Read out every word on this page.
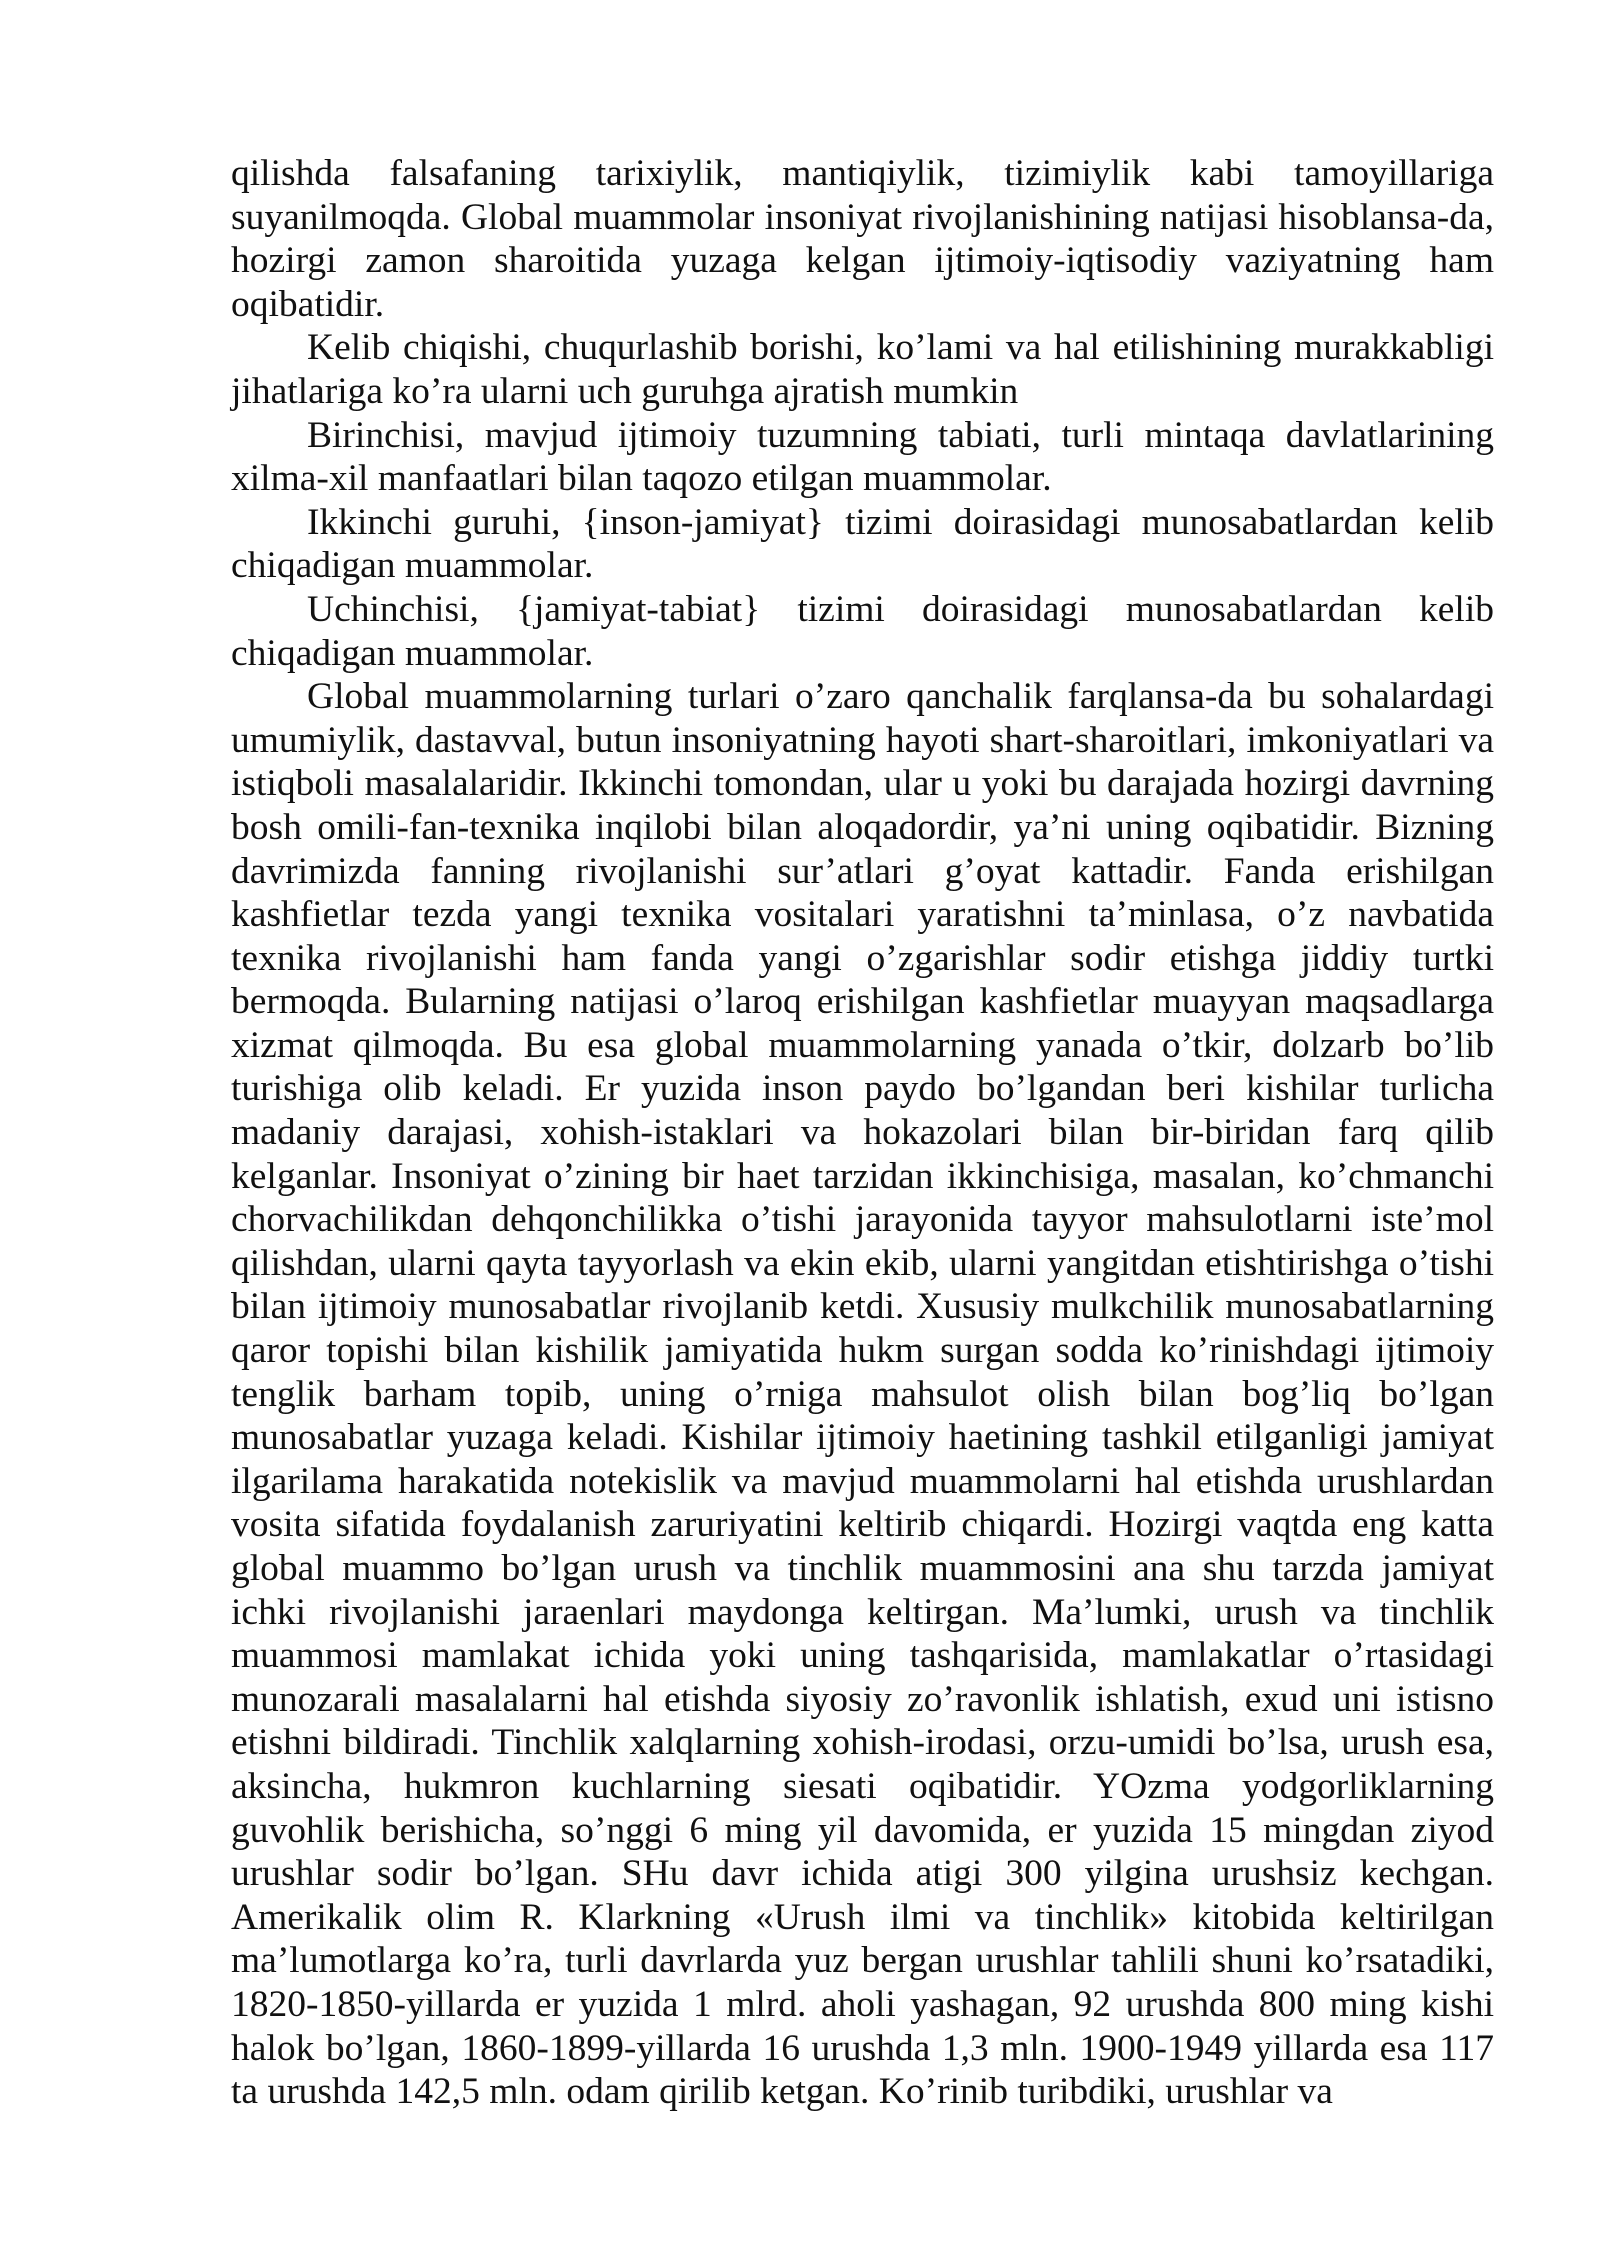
qilishda falsafaning tarixiylik, mantiqiylik, tizimiylik kabi tamoyillariga suyanilmoqda. Global muammolar insoniyat rivojlanishining natijasi hisoblansa-da, hozirgi zamon sharoitida yuzaga kelgan ijtimoiy-iqtisodiy vaziyatning ham oqibatidir.

Kelib chiqishi, chuqurlashib borishi, ko’lami va hal etilishining murakkabligi jihatlariga ko’ra ularni uch guruhga ajratish mumkin

Birinchisi, mavjud ijtimoiy tuzumning tabiati, turli mintaqa davlatlarining xilma-xil manfaatlari bilan taqozo etilgan muammolar.

Ikkinchi guruhi, {inson-jamiyat} tizimi doirasidagi munosabatlardan kelib chiqadigan muammolar.

Uchinchisi, {jamiyat-tabiat} tizimi doirasidagi munosabatlardan kelib chiqadigan muammolar.

Global muammolarning turlari o’zaro qanchalik farqlansa-da bu sohalardagi umumiylik, dastavval, butun insoniyatning hayoti shart-sharoitlari, imkoniyatlari va istiqboli masalalaridir. Ikkinchi tomondan, ular u yoki bu darajada hozirgi davrning bosh omili-fan-texnika inqilobi bilan aloqadordir, ya’ni uning oqibatidir. Bizning davrimizda fanning rivojlanishi sur’atlari g’oyat kattadir. Fanda erishilgan kashfietlar tezda yangi texnika vositalari yaratishni ta’minlasa, o’z navbatida texnika rivojlanishi ham fanda yangi o’zgarishlar sodir etishga jiddiy turtki bermoqda. Bularning natijasi o’laroq erishilgan kashfietlar muayyan maqsadlarga xizmat qilmoqda. Bu esa global muammolarning yanada o’tkir, dolzarb bo’lib turishiga olib keladi. Er yuzida inson paydo bo’lgandan beri kishilar turlicha madaniy darajasi, xohish-istaklari va hokazolari bilan bir-biridan farq qilib kelganlar. Insoniyat o’zining bir haet tarzidan ikkinchisiga, masalan, ko’chmanchi chorvachilikdan dehqonchilikka o’tishi jarayonida tayyor mahsulotlarni iste’mol qilishdan, ularni qayta tayyorlash va ekin ekib, ularni yangitdan etishtirishga o’tishi bilan ijtimoiy munosabatlar rivojlanib ketdi. Xususiy mulkchilik munosabatlarning qaror topishi bilan kishilik jamiyatida hukm surgan sodda ko’rinishdagi ijtimoiy tenglik barham topib, uning o’rniga mahsulot olish bilan bog’liq bo’lgan munosabatlar yuzaga keladi. Kishilar ijtimoiy haetining tashkil etilganligi jamiyat ilgarilama harakatida notekislik va mavjud muammolarni hal etishda urushlardan vosita sifatida foydalanish zaruriyatini keltirib chiqardi. Hozirgi vaqtda eng katta global muammo bo’lgan urush va tinchlik muammosini ana shu tarzda jamiyat ichki rivojlanishi jaraenlari maydonga keltirgan. Ma’lumki, urush va tinchlik muammosi mamlakat ichida yoki uning tashqarisida, mamlakatlar o’rtasidagi munozarali masalalarni hal etishda siyosiy zo’ravonlik ishlatish, exud uni istisno etishni bildiradi. Tinchlik xalqlarning xohish-irodasi, orzu-umidi bo’lsa, urush esa, aksincha, hukmron kuchlarning siesati oqibatidir. YOzma yodgorliklarning guvohlik berishicha, so’nggi 6 ming yil davomida, er yuzida 15 mingdan ziyod urushlar sodir bo’lgan. SHu davr ichida atigi 300 yilgina urushsiz kechgan. Amerikalik olim R. Klarkning «Urush ilmi va tinchlik» kitobida keltirilgan ma’lumotlarga ko’ra, turli davrlarda yuz bergan urushlar tahlili shuni ko’rsatadiki, 1820-1850-yillarda er yuzida 1 mlrd. aholi yashagan, 92 urushda 800 ming kishi halok bo’lgan, 1860-1899-yillarda 16 urushda 1,3 mln. 1900-1949 yillarda esa 117 ta urushda 142,5 mln. odam qirilib ketgan. Ko’rinib turibdiki, urushlar va
